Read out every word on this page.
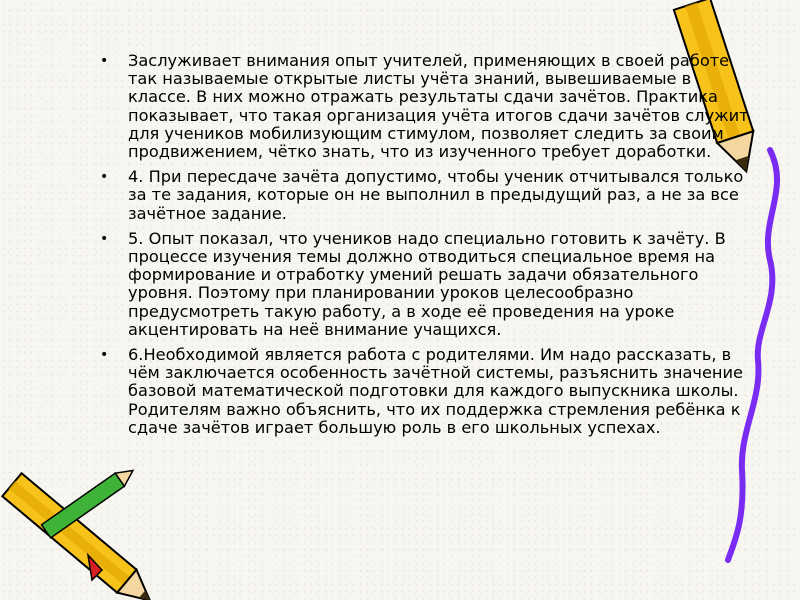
• Заслуживает внимания опыт учителей, применяющих в своей работе так называемые открытые листы учёта знаний, вывешиваемые в классе. В них можно отражать результаты сдачи зачётов. Практика показывает, что такая организация учёта итогов сдачи зачётов служит для учеников мобилизующим стимулом, позволяет следить за своим продвижением, чётко знать, что из изученного требует доработки.
• 4. При пересдаче зачёта допустимо, чтобы ученик отчитывался только за те задания, которые он не выполнил в предыдущий раз, а не за все зачётное задание.
• 5. Опыт показал, что учеников надо специально готовить к зачёту. В процессе изучения темы должно отводиться специальное время на формирование и отработку умений решать задачи обязательного уровня. Поэтому при планировании уроков целесообразно предусмотреть такую работу, а в ходе её проведения на уроке акцентировать на неё внимание учащихся.
• 6.Необходимой является работа с родителями. Им надо рассказать, в чём заключается особенность зачётной системы, разъяснить значение базовой математической подготовки для каждого выпускника школы. Родителям важно объяснить, что их поддержка стремления ребёнка к сдаче зачётов играет большую роль в его школьных успехах.
